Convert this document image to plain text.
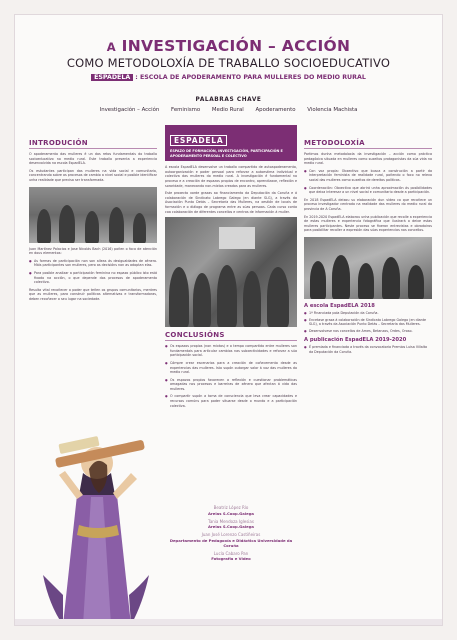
A INVESTIGACIÓN – ACCIÓN
COMO METODOLOXÍA DE TRABALLO SOCIOEDUCATIVO
ESPADELA : ESCOLA DE APODERAMENTO PARA MULLERES DO MEDIO RURAL
PALABRAS CHAVE
Investigación – Acción Feminismo Medio Rural Apoderamento Violencia Machista
INTRODUCIÓN
O apoderamento das mulleres é un dos retos fundamentais do traballo socioeducativo no medio rural. Este traballo presenta a experiencia desenvolvida na escola EspadELA.
Os estudantes participan das mulleres na vida social e comunitaria, concentrando sobre os procesos de cambio a nivel social e posible identificar unha realidade que precisa ser transformada.
Juan Martínez Palacios e Jose Nicolás Bach (2016) poñen o foco de atención en dous elementos:
● As formas de participación non son alleas ás desigualdades de xénero. Máis participantes son mulleres, pero as decisións non as adoptan elas.
● Para posible analizar a participación feminina no espazo público isto está fixado na acción, o que depende dos procesos de apoderamento colectivo.
Resulta vital recoñecer o poder que teñen os grupos comunitarios, mentres que as mulleres, para construír políticas alternativas e transformadoras, deben recoñecer o seu lugar na sociedade.
ESPADELA
ESPAZO DE FORMACIÓN, INVESTIGACIÓN, PARTICIPACIÓN E APODERAMENTO PERSOAL E COLECTIVO
A escola EspadELA desenvolve un traballo compartido de autoapoderamento, autoorganización e poder persoal para reforzar a autoestima individual e colectiva das mulleres do medio rural. A investigación é fundamental no proceso e a creación de espazos propios de encontro, aprendizaxe, reflexión e sororidade, manexando non-mixtos creados para as mulleres.
Este proxecto xorde grazas ao financiamento da Deputación da Coruña e á colaboración de Sindicato Labrego Galego (en diante SLG), a través da Asociación Punto Detás – Secretaría das Mulleres, na xestión de locais de formación e o diálogo de programa entre as súas persoas. Cada curso conta coa colaboración de diferentes concellos e centros de información á muller.
CONCLUSIÓNS
● Os espazos propios (non mixtos) e o tempo compartido entre mulleres son fundamentais para articular cambios nas subxectividades e reforzar a súa participación social.
● Cómpre crear escenarios para a creación de coñecemento desde as experiencias das mulleres. Isto supón outorgar valor á voz das mulleres do medio rural.
● Os espazos propios favorecen a reflexión e cuestionar problemáticas amagadas nos procesos e barreiras de xénero que afectan á vida das mulleres.
● O compartir supón a toma de consciencia que leva crear capacidades e recursos comúns para poder situarse desde o mundo e a participación colectiva.
Beatriz López Río
Arelas S.Coop.Galega
Tania Mendoza Iglesias
Arelas S.Coop.Galega
Juan José Lorenzo Castiñeiras
Departamento de Pedagoxía e Didáctica Universidade da Coruña
Lucía Cabaro Pan
Fotografía e Vídeo
METODOLOXÍA
Partimos dunha metodoloxía da investigación – acción como práctica pedagóxica situada en mulleres como suxeitos protagonistas da súa vida no medio rural.
● Con voz propia: Obxectivo que busca a construción a partir da interpretación feminista de realidade rural, poñendo o foco no relevo social das mulleres como suxeitos de dereitos políticos.
● Coordenación: Obxectivo que abrirá unha aproximación ás posibilidades que deixa interesar a un nivel social e comunitario desde a participación.
En 2018 EspadELA deixou su elaboración dun vídeo co que recoñece un proceso investigador centrado na realidade das mulleres do medio rural da provincia de A Coruña.
En 2019-2020 EspadELA elaborou unha publicación que recolle a experiencia de estas mulleres e experiencia fotográfica que ilustrará o deixe estas mulleres participantes. Neste proceso se fixeron entrevistas e obradoiros para posibilitar recoller a expresión das súas experiencias nos concellos.
A escola EspadELA 2018
● 1ª Financiada pola Deputación da Coruña.
● Encetase graza á colaboración de Sindicato Labrego Galego (en diante SLG), a través da Asociación Punto Detás – Secretaría das Mulleres.
● Desenvolvese nos concellos de Ames, Betanzos, Ordes, Oroso.
A publicación EspadELA 2019-2020
● É premiada e financiada a través da convocatoria Premios Luisa Villalta da Deputación da Coruña.
